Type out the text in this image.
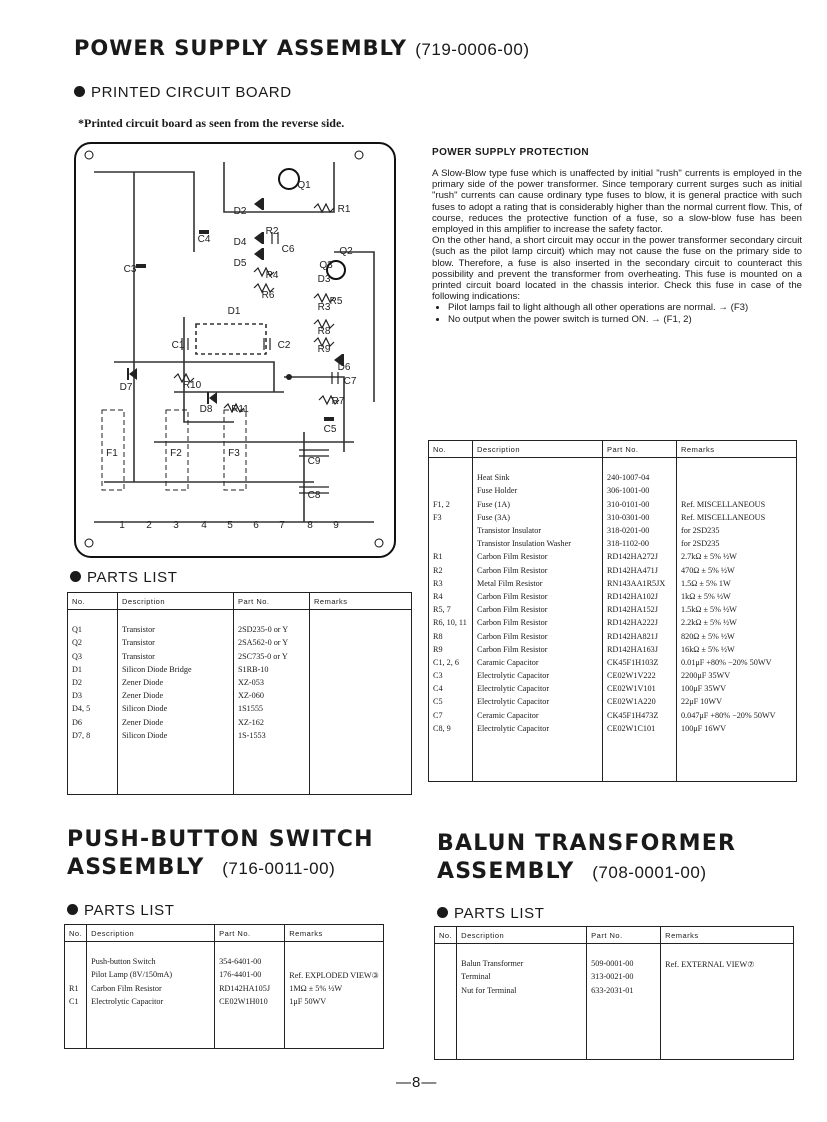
POWER SUPPLY ASSEMBLY (719-0006-00)
PRINTED CIRCUIT BOARD
*Printed circuit board as seen from the reverse side.
Q1
Q2
Q3
D1
D2
D3
D4
D5
D6
D7
D8
R1
R2
R3
R4
R5
R6
R7
R8
R9
R10
R11
C1	C2
C3
C4
C5
C6
C7
C8
C9
F1	F2	F3
1 2 3 4 5 6 7 8 9
PARTS LIST
No.	Description	Part No.	Remarks

Q1	Transistor	2SD235-0 or Y	
Q2	Transistor	2SA562-0 or Y	
Q3	Transistor	2SC735-0 or Y	
D1	Silicon Diode Bridge	S1RB-10	
D2	Zener Diode	XZ-053	
D3	Zener Diode	XZ-060	
D4, 5	Silicon Diode	1S1555	
D6	Zener Diode	XZ-162	
D7, 8	Silicon Diode	1S-1553	

POWER SUPPLY PROTECTION

A Slow-Blow type fuse which is unaffected by initial "rush" currents is employed in the primary side of the power transformer. Since temporary current surges such as initial "rush" currents can cause ordinary type fuses to blow, it is general practice with such fuses to adopt a rating that is considerably higher than the normal current flow. This, of course, reduces the protective function of a fuse, so a slow-blow fuse has been employed in this amplifier to increase the safety factor.

On the other hand, a short circuit may occur in the power transformer secondary circuit (such as the pilot lamp circuit) which may not cause the fuse on the primary side to blow. Therefore, a fuse is also inserted in the secondary circuit to counteract this possibility and prevent the transformer from overheating. This fuse is mounted on a printed circuit board located in the chassis interior. Check this fuse in case of the following indications:

• Pilot lamps fail to light although all other operations are normal. → (F3)
• No output when the power switch is turned ON. → (F1, 2)
No.	Description	Part No.	Remarks

	Heat Sink	240-1007-04	
	Fuse Holder	306-1001-00	
F1, 2	Fuse (1A)	310-0101-00	Ref. MISCELLANEOUS
F3	Fuse (3A)	310-0301-00	Ref. MISCELLANEOUS
	Transistor Insulator	318-0201-00	for 2SD235
	Transistor Insulation Washer	318-1102-00	for 2SD235
R1	Carbon Film Resistor	RD142HA272J	2.7kΩ ± 5% ½W
R2	Carbon Film Resistor	RD142HA471J	470Ω ± 5% ½W
R3	Metal Film Resistor	RN143AA1R5JX	1.5Ω ± 5% 1W
R4	Carbon Film Resistor	RD142HA102J	1kΩ ± 5% ½W
R5, 7	Carbon Film Resistor	RD142HA152J	1.5kΩ ± 5% ½W
R6, 10, 11	Carbon Film Resistor	RD142HA222J	2.2kΩ ± 5% ½W
R8	Carbon Film Resistor	RD142HA821J	820Ω ± 5% ½W
R9	Carbon Film Resistor	RD142HA163J	16kΩ ± 5% ½W
C1, 2, 6	Caramic Capacitor	CK45F1H103Z	0.01μF +80% −20% 50WV
C3	Electrolytic Capacitor	CE02W1V222	2200μF 35WV
C4	Electrolytic Capacitor	CE02W1V101	100μF 35WV
C5	Electrolytic Capacitor	CE02W1A220	22μF 10WV
C7	Ceramic Capacitor	CK45F1H473Z	0.047μF +80% −20% 50WV
C8, 9	Electrolytic Capacitor	CE02W1C101	100μF 16WV

PUSH-BUTTON SWITCH
ASSEMBLY (716-0011-00)
PARTS LIST
No.	Description	Part No.	Remarks

	Push-button Switch	354-6401-00	
	Pilot Lamp (8V/150mA)	176-4401-00	Ref. EXPLODED VIEW③
R1	Carbon Film Resistor	RD142HA105J	1MΩ ± 5% ½W
C1	Electrolytic Capacitor	CE02W1H010	1μF 50WV

BALUN TRANSFORMER
ASSEMBLY (708-0001-00)
PARTS LIST
No.	Description	Part No.	Remarks

	Balun Transformer	509-0001-00	Ref. EXTERNAL VIEW⑦
	Terminal	313-0021-00	
	Nut for Terminal	633-2031-01	

—8—
